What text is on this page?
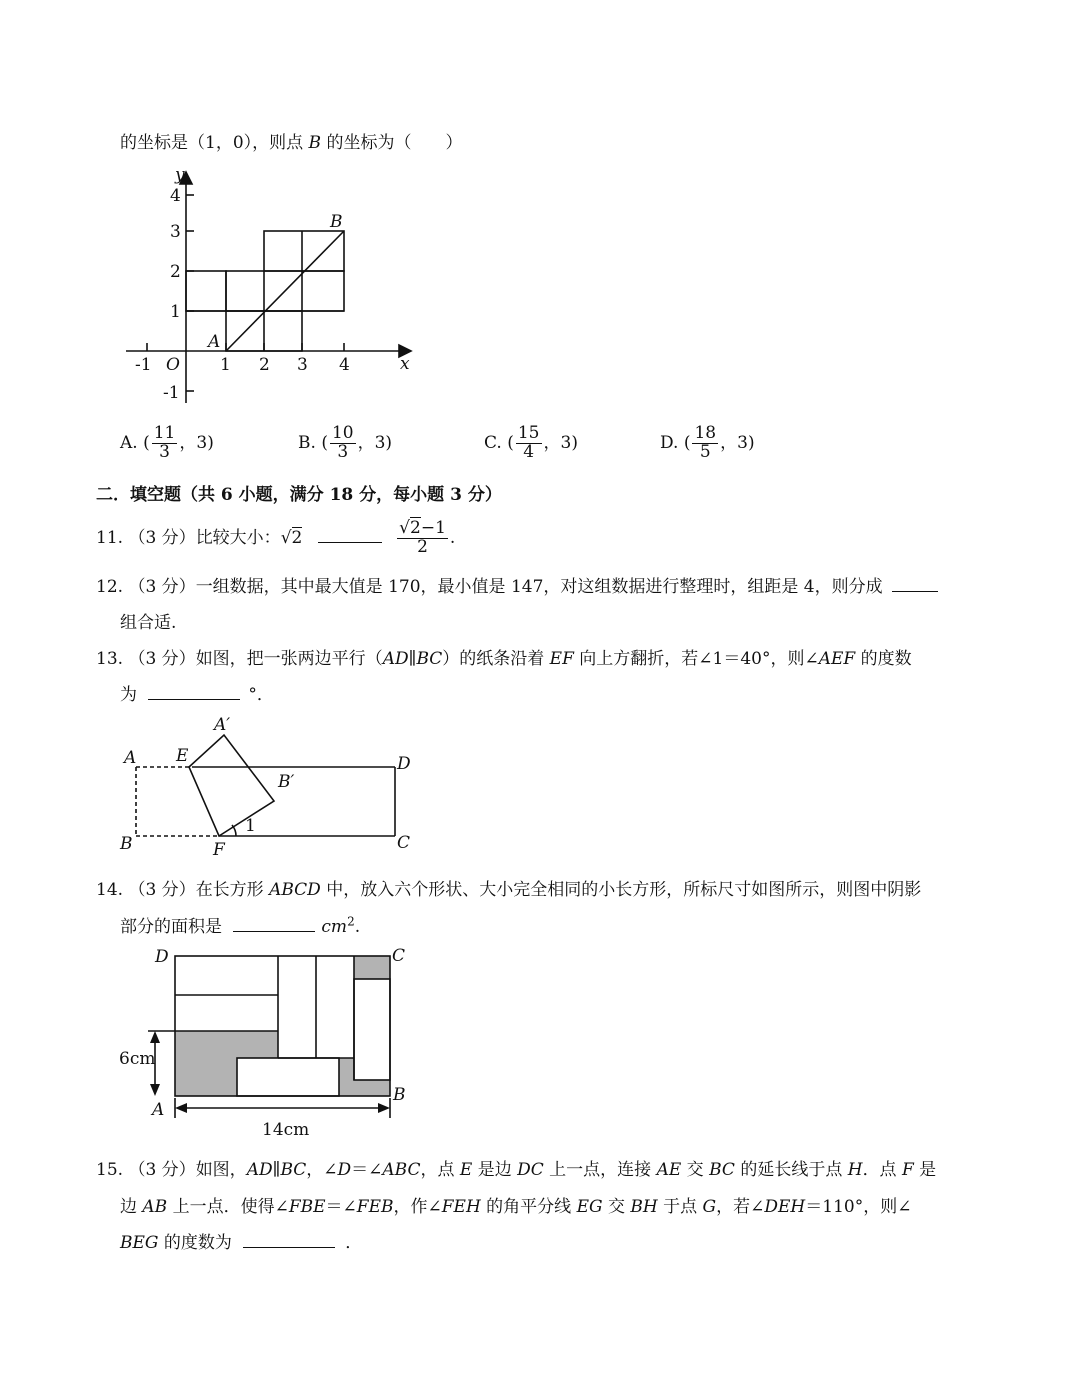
的坐标是（1，0），则点 B 的坐标为（　　）
y
x
O
-1	1 2 3 4
4
3
2
1
-1
A
B
A. ( $\frac{11}{3}$ ，3)	B. ( $\frac{10}{3}$ ，3)	C. ( $\frac{15}{4}$ ，3)	D. ( $\frac{18}{5}$ ，3)
二．填空题（共 6 小题，满分 18 分，每小题 3 分）
11. （3 分）比较大小：√2	$\frac{√2-1}{2}$ .
12. （3 分）一组数据，其中最大值是 170，最小值是 147，对这组数据进行整理时，组距是 4，则分成
组合适.
13. （3 分）如图，把一张两边平行（AD∥BC）的纸条沿着 EF 向上方翻折，若∠1＝40°，则∠AEF 的度数
为	°．
A E
A′
D
B′
B	F	C
1
14. （3 分）在长方形 ABCD 中，放入六个形状、大小完全相同的小长方形，所标尺寸如图所示，则图中阴影
部分的面积是	$cm^2$.
D	C
A
B
6cm
14cm
15. （3 分）如图，AD∥BC，∠D＝∠ABC，点 E 是边 DC 上一点，连接 AE 交 BC 的延长线于点 H．点 F 是
边 AB 上一点．使得∠FBE＝∠FEB，作∠FEH 的角平分线 EG 交 BH 于点 G，若∠DEH＝110°，则∠
BEG 的度数为	．
